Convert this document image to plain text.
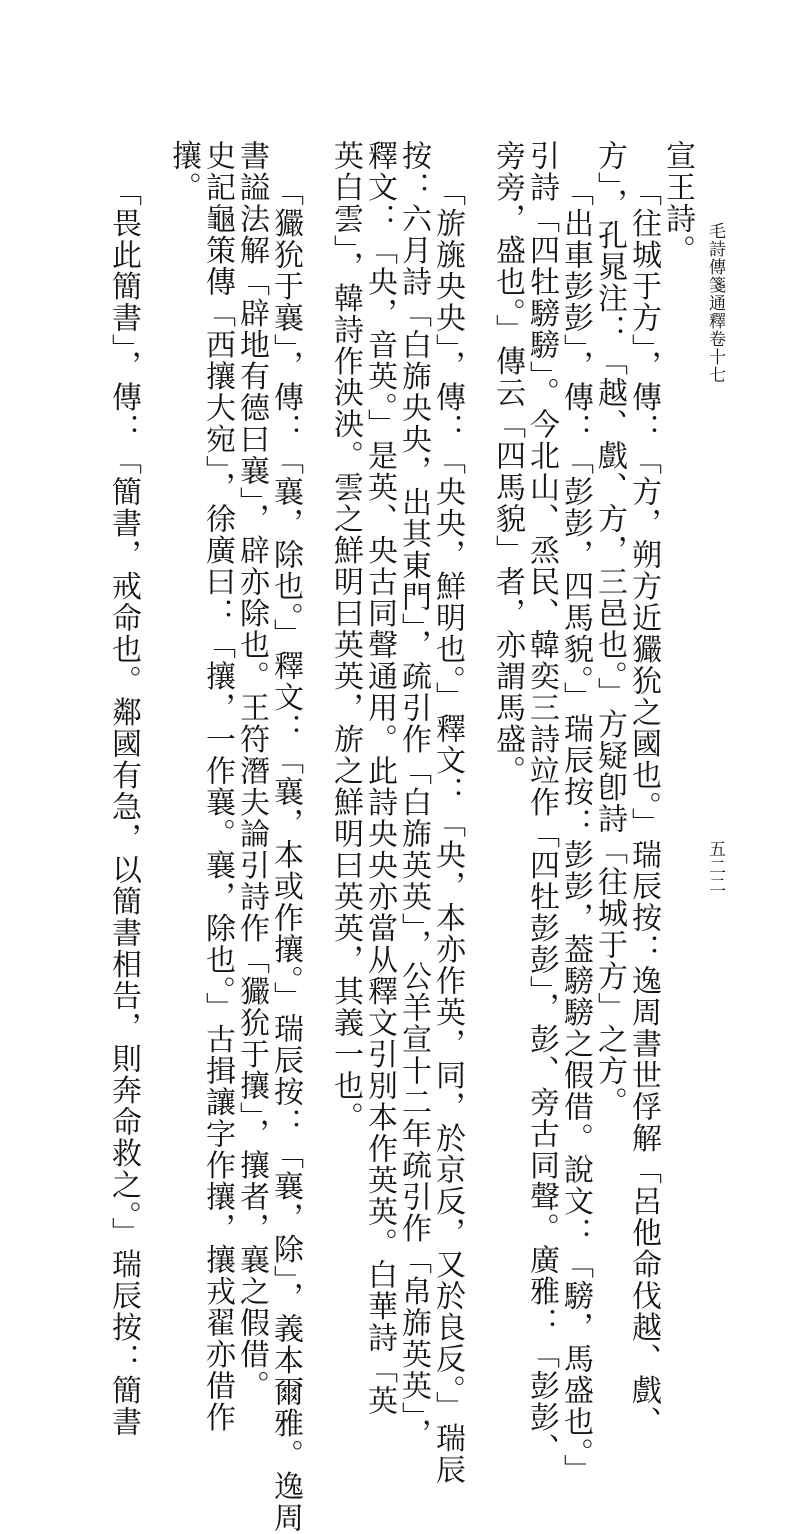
毛詩傳箋通釋卷十七
五二二
宣王詩。
「往城于方」，傳：「方，朔方近玁狁之國也。」瑞辰按：逸周書世俘解「呂他命伐越、戲、
方」，孔晁注：「越、戲、方，三邑也。」方疑卽詩「往城于方」之方。
「出車彭彭」，傳：「彭彭，四馬貌。」瑞辰按：彭彭，葢騯騯之假借。說文：「騯，馬盛也。」
引詩「四牡騯騯」。今北山、烝民、韓奕三詩竝作「四牡彭彭」，彭、旁古同聲。廣雅：「彭彭、
旁旁，盛也。」傳云「四馬貌」者，亦謂馬盛。
「旂旐央央」，傳：「央央，鮮明也。」釋文：「央，本亦作英，同，於京反，又於良反。」瑞辰
按：六月詩「白旆央央，出其東門」，疏引作「白旆英英」，公羊宣十二年疏引作「帛旆英英」，
釋文：「央，音英。」是英、央古同聲通用。此詩央央亦當从釋文引別本作英英。白華詩「英
英白雲」，韓詩作泱泱。雲之鮮明曰英英，旂之鮮明曰英英，其義一也。
「玁狁于襄」，傳：「襄，除也。」釋文：「襄，本或作攘。」瑞辰按：「襄，除」，義本爾雅。逸周
書謚法解「辟地有德曰襄」，辟亦除也。王符潛夫論引詩作「玁狁于攘」，攘者，襄之假借。
史記龜策傳「西攘大宛」，徐廣曰：「攘，一作襄。襄，除也。」古揖讓字作攘，攘戎翟亦借作
攘。
「畏此簡書」，傳：「簡書，戒命也。鄰國有急，以簡書相告，則奔命救之。」瑞辰按：簡書
